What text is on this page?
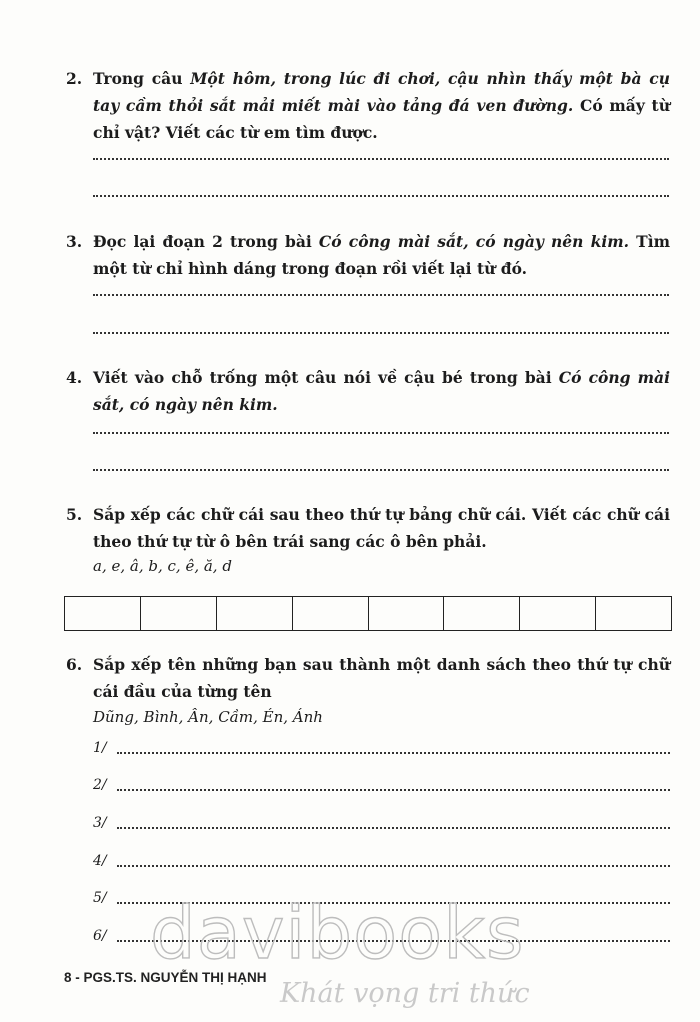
2. Trong câu Một hôm, trong lúc đi chơi, cậu nhìn thấy một bà cụ tay cầm thỏi sắt mải miết mài vào tảng đá ven đường. Có mấy từ chỉ vật? Viết các từ em tìm được.
3. Đọc lại đoạn 2 trong bài Có công mài sắt, có ngày nên kim. Tìm một từ chỉ hình dáng trong đoạn rồi viết lại từ đó.
4. Viết vào chỗ trống một câu nói về cậu bé trong bài Có công mài sắt, có ngày nên kim.
5. Sắp xếp các chữ cái sau theo thứ tự bảng chữ cái. Viết các chữ cái theo thứ tự từ ô bên trái sang các ô bên phải.
a, e, â, b, c, ê, ă, d
6. Sắp xếp tên những bạn sau thành một danh sách theo thứ tự chữ cái đầu của từng tên
Dũng, Bình, Ân, Cầm, Én, Ánh
1/
2/
3/
4/
5/
6/ davibooks
Khát vọng tri thức
8 - PGS.TS. NGUYỄN THỊ HẠNH
